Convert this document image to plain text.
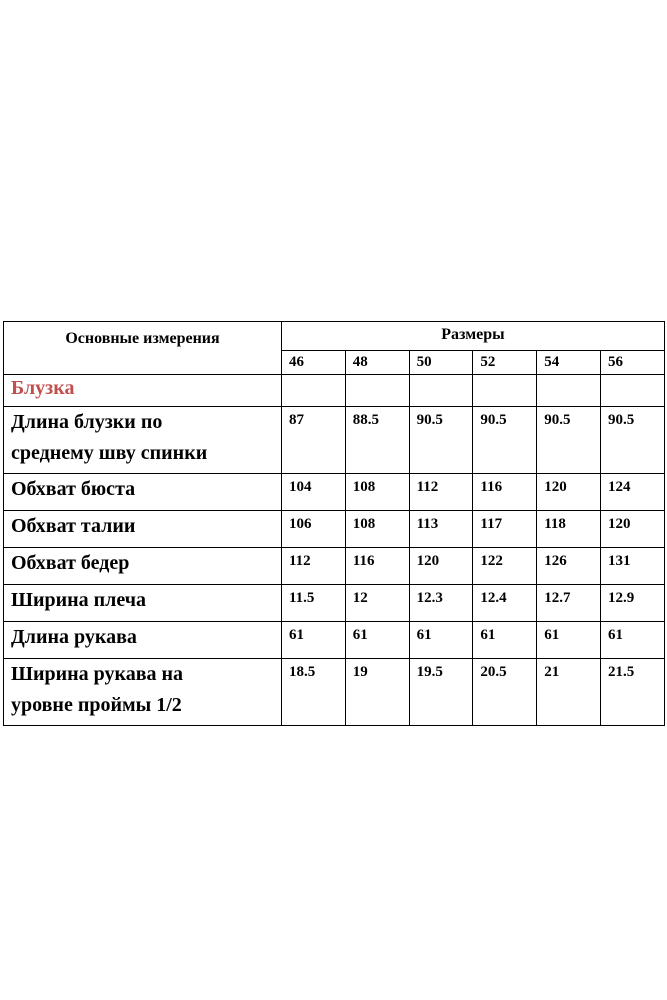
Основные измерения	Размеры					
	46	48	50	52	54	56
Блузка						

Длина блузки по
среднему шву спинки	87	88.5	90.5	90.5	90.5	90.5

Обхват бюста	104	108	112	116	120	124

Обхват талии	106	108	113	117	118	120

Обхват бедер	112	116	120	122	126	131

Ширина плеча	11.5	12	12.3	12.4	12.7	12.9

Длина рукава	61	61	61	61	61	61

Ширина рукава на
уровне проймы 1/2	18.5	19	19.5	20.5	21	21.5
